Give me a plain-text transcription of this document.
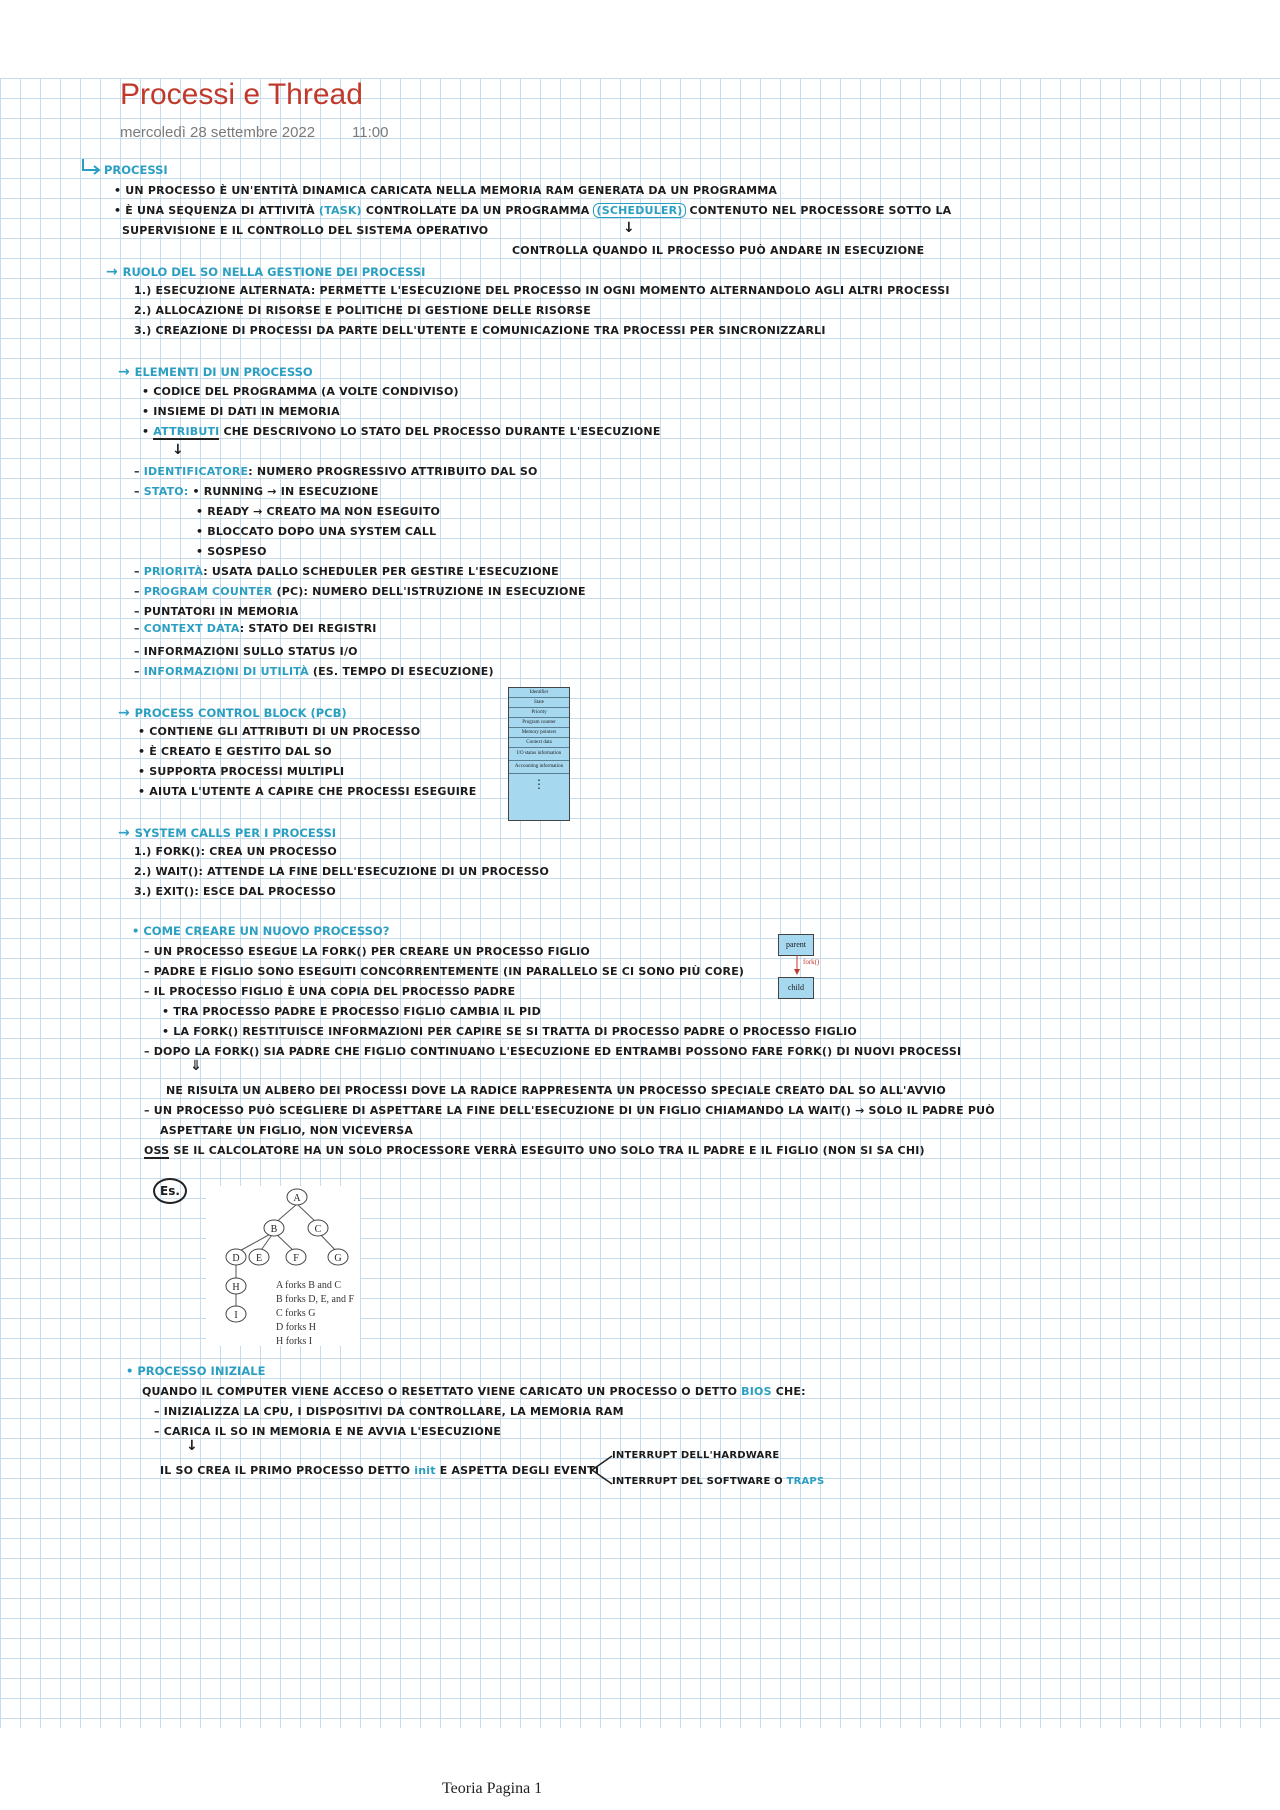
Processi e Thread
mercoledì 28 settembre 2022 11:00
PROCESSI
• UN PROCESSO È UN'ENTITÀ DINAMICA CARICATA NELLA MEMORIA RAM GENERATA DA UN PROGRAMMA
• È UNA SEQUENZA DI ATTIVITÀ (TASK) CONTROLLATE DA UN PROGRAMMA (SCHEDULER) CONTENUTO NEL PROCESSORE SOTTO LA
SUPERVISIONE E IL CONTROLLO DEL SISTEMA OPERATIVO	↓
CONTROLLA QUANDO IL PROCESSO PUÒ ANDARE IN ESECUZIONE
→ RUOLO DEL SO NELLA GESTIONE DEI PROCESSI
1.) ESECUZIONE ALTERNATA: PERMETTE L'ESECUZIONE DEL PROCESSO IN OGNI MOMENTO ALTERNANDOLO AGLI ALTRI PROCESSI
2.) ALLOCAZIONE DI RISORSE E POLITICHE DI GESTIONE DELLE RISORSE
3.) CREAZIONE DI PROCESSI DA PARTE DELL'UTENTE E COMUNICAZIONE TRA PROCESSI PER SINCRONIZZARLI
→ ELEMENTI DI UN PROCESSO
• CODICE DEL PROGRAMMA (A VOLTE CONDIVISO)
• INSIEME DI DATI IN MEMORIA
• ATTRIBUTI CHE DESCRIVONO LO STATO DEL PROCESSO DURANTE L'ESECUZIONE
↓
– IDENTIFICATORE: NUMERO PROGRESSIVO ATTRIBUITO DAL SO
– STATO: • RUNNING → IN ESECUZIONE
• READY → CREATO MA NON ESEGUITO
• BLOCCATO DOPO UNA SYSTEM CALL
• SOSPESO
– PRIORITÀ: USATA DALLO SCHEDULER PER GESTIRE L'ESECUZIONE
– PROGRAM COUNTER (PC): NUMERO DELL'ISTRUZIONE IN ESECUZIONE
– PUNTATORI IN MEMORIA
– CONTEXT DATA: STATO DEI REGISTRI
– INFORMAZIONI SULLO STATUS I/O
– INFORMAZIONI DI UTILITÀ (ES. TEMPO DI ESECUZIONE)
→ PROCESS CONTROL BLOCK (PCB)
• CONTIENE GLI ATTRIBUTI DI UN PROCESSO
• È CREATO E GESTITO DAL SO
• SUPPORTA PROCESSI MULTIPLI
• AIUTA L'UTENTE A CAPIRE CHE PROCESSI ESEGUIRE
Identifier
State
Priority
Program counter
Memory pointers
Context data
I/O status information
Accounting information
⋮
→ SYSTEM CALLS PER I PROCESSI
1.) FORK(): CREA UN PROCESSO
2.) WAIT(): ATTENDE LA FINE DELL'ESECUZIONE DI UN PROCESSO
3.) EXIT(): ESCE DAL PROCESSO
• COME CREARE UN NUOVO PROCESSO?
– UN PROCESSO ESEGUE LA FORK() PER CREARE UN PROCESSO FIGLIO
– PADRE E FIGLIO SONO ESEGUITI CONCORRENTEMENTE (IN PARALLELO SE CI SONO PIÙ CORE)
– IL PROCESSO FIGLIO È UNA COPIA DEL PROCESSO PADRE
• TRA PROCESSO PADRE E PROCESSO FIGLIO CAMBIA IL PID
• LA FORK() RESTITUISCE INFORMAZIONI PER CAPIRE SE SI TRATTA DI PROCESSO PADRE O PROCESSO FIGLIO
– DOPO LA FORK() SIA PADRE CHE FIGLIO CONTINUANO L'ESECUZIONE ED ENTRAMBI POSSONO FARE FORK() DI NUOVI PROCESSI
⇓
NE RISULTA UN ALBERO DEI PROCESSI DOVE LA RADICE RAPPRESENTA UN PROCESSO SPECIALE CREATO DAL SO ALL'AVVIO
– UN PROCESSO PUÒ SCEGLIERE DI ASPETTARE LA FINE DELL'ESECUZIONE DI UN FIGLIO CHIAMANDO LA WAIT() → SOLO IL PADRE PUÒ
ASPETTARE UN FIGLIO, NON VICEVERSA
OSS SE IL CALCOLATORE HA UN SOLO PROCESSORE VERRÀ ESEGUITO UNO SOLO TRA IL PADRE E IL FIGLIO (NON SI SA CHI)
parent
fork()
child
Es.
A
B	C
D E	F	G
H
I
A forks B and C
B forks D, E, and F
C forks G
D forks H
H forks I
• PROCESSO INIZIALE
QUANDO IL COMPUTER VIENE ACCESO O RESETTATO VIENE CARICATO UN PROCESSO O DETTO BIOS CHE:
– INIZIALIZZA LA CPU, I DISPOSITIVI DA CONTROLLARE, LA MEMORIA RAM
– CARICA IL SO IN MEMORIA E NE AVVIA L'ESECUZIONE
↓
IL SO CREA IL PRIMO PROCESSO DETTO init E ASPETTA DEGLI EVENTI
INTERRUPT DELL'HARDWARE
INTERRUPT DEL SOFTWARE O TRAPS
Teoria Pagina 1
